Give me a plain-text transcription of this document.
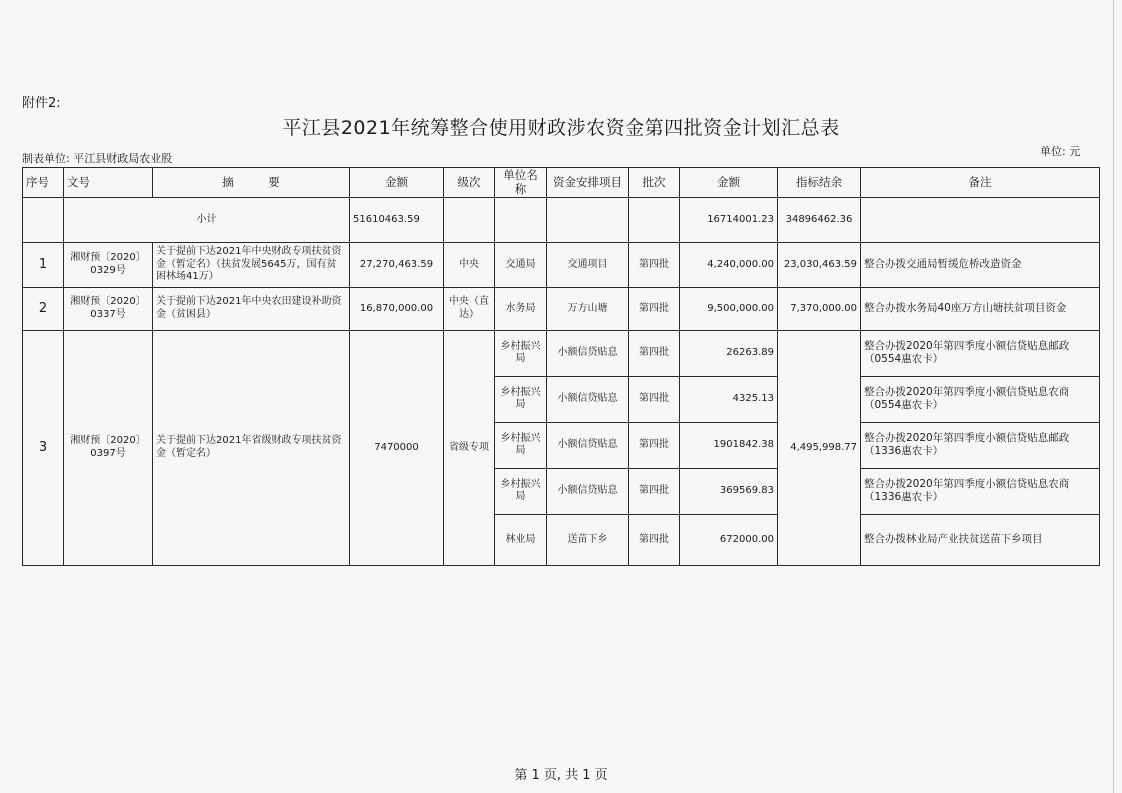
附件2:
平江县2021年统筹整合使用财政涉农资金第四批资金计划汇总表
制表单位: 平江县财政局农业股
单位: 元
序号	文号	摘　　　要	金额	级次	单位名称	资金安排项目	批次	金额	指标结余	备注
	小计		51610463.59					16714001.23	34896462.36	
1	湘财预〔2020〕0329号	关于提前下达2021年中央财政专项扶贫资金（暂定名）（扶贫发展5645万，国有贫困林场41万）	27,270,463.59	中央	交通局	交通项目	第四批	4,240,000.00	23,030,463.59	整合办拨交通局暂缓危桥改造资金
2	湘财预〔2020〕0337号	关于提前下达2021年中央农田建设补助资金（贫困县）	16,870,000.00	中央（直达）	水务局	万方山塘	第四批	9,500,000.00	7,370,000.00	整合办拨水务局40座万方山塘扶贫项目资金
3	湘财预〔2020〕0397号	关于提前下达2021年省级财政专项扶贫资金（暂定名）	7470000	省级专项	乡村振兴局	小额信贷贴息	第四批	26263.89	4,495,998.77	整合办拨2020年第四季度小额信贷贴息邮政（0554惠农卡）
					乡村振兴局	小额信贷贴息	第四批	4325.13		整合办拨2020年第四季度小额信贷贴息农商（0554惠农卡）
					乡村振兴局	小额信贷贴息	第四批	1901842.38		整合办拨2020年第四季度小额信贷贴息邮政（1336惠农卡）
					乡村振兴局	小额信贷贴息	第四批	369569.83		整合办拨2020年第四季度小额信贷贴息农商（1336惠农卡）
					林业局	送苗下乡	第四批	672000.00		整合办拨林业局产业扶贫送苗下乡项目
第 1 页, 共 1 页
